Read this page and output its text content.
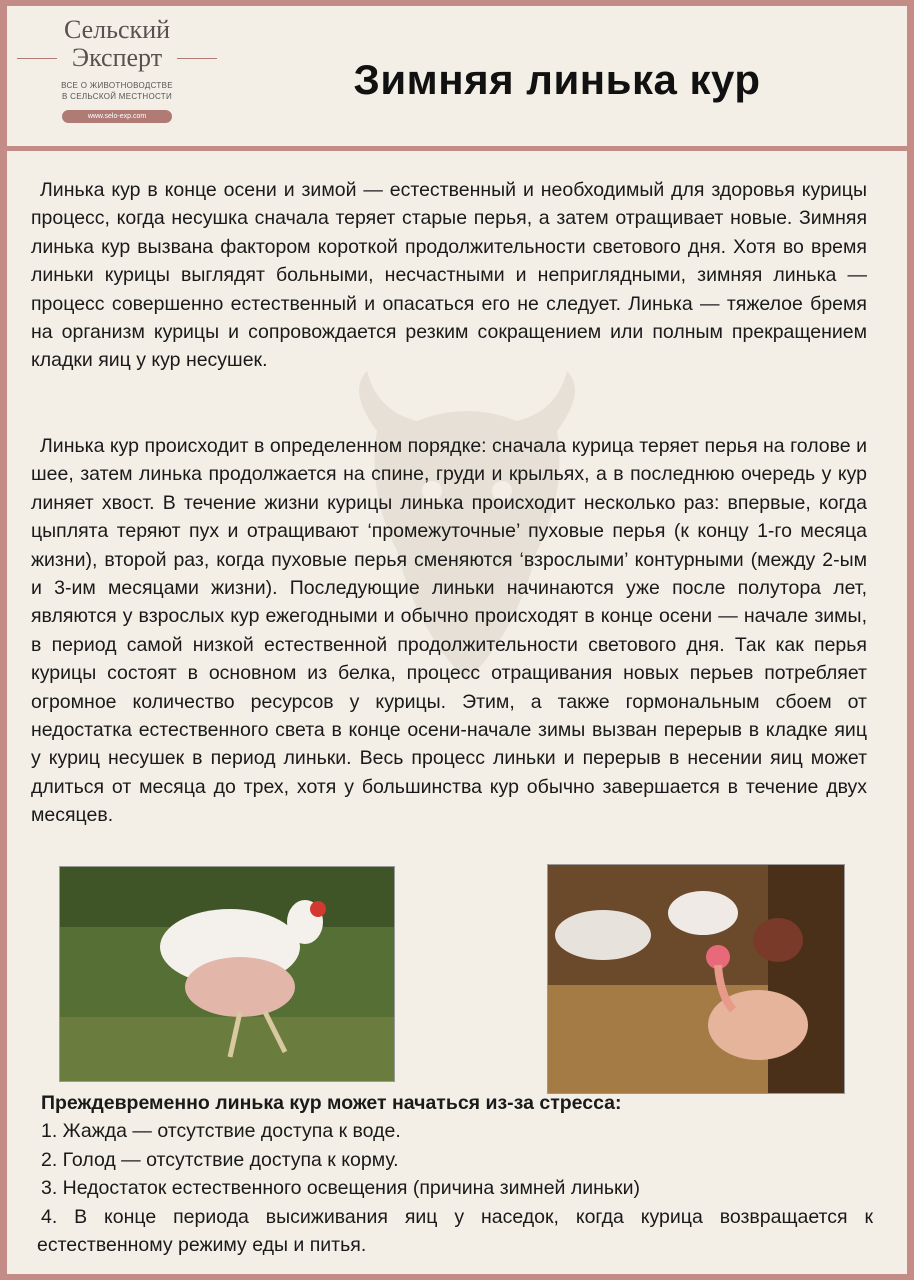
Сельский
Эксперт
ВСЕ О ЖИВОТНОВОДСТВЕ
В СЕЛЬСКОЙ МЕСТНОСТИ
www.selo-exp.com
Зимняя линька кур
Линька кур в конце осени и зимой — естественный и необходимый для здоровья курицы процесс, когда несушка сначала теряет старые перья, а затем отращивает новые. Зимняя линька кур вызвана фактором короткой продолжительности светового дня. Хотя во время линьки курицы выглядят больными, несчастными и неприглядными, зимняя линька — процесс совершенно естественный и опасаться его не следует. Линька — тяжелое бремя на организм курицы и сопровождается резким сокращением или полным прекращением кладки яиц у кур несушек.
Линька кур происходит в определенном порядке: сначала курица теряет перья на голове и шее, затем линька продолжается на спине, груди и крыльях, а в последнюю очередь у кур линяет хвост. В течение жизни курицы линька происходит несколько раз: впервые, когда цыплята теряют пух и отращивают ‘промежуточные’ пуховые перья (к концу 1-го месяца жизни), второй раз, когда пуховые перья сменяются ‘взрослыми’ контурными (между 2-ым и 3-им месяцами жизни). Последующие линьки начинаются уже после полутора лет, являются у взрослых кур ежегодными и обычно происходят в конце осени — начале зимы, в период самой низкой естественной продолжительности светового дня. Так как перья курицы состоят в основном из белка, процесс отращивания новых перьев потребляет огромное количество ресурсов у курицы. Этим, а также гормональным сбоем от недостатка естественного света в конце осени-начале зимы вызван перерыв в кладке яиц у куриц несушек в период линьки. Весь процесс линьки и перерыв в несении яиц может длиться от месяца до трех, хотя у большинства кур обычно завершается в течение двух месяцев.
Преждевременно линька кур может начаться из-за стресса:
1. Жажда — отсутствие доступа к воде.
2. Голод — отсутствие доступа к корму.
3. Недостаток естественного освещения (причина зимней линьки)
4. В конце периода высиживания яиц у наседок, когда курица возвращается к естественному режиму еды и питья.
